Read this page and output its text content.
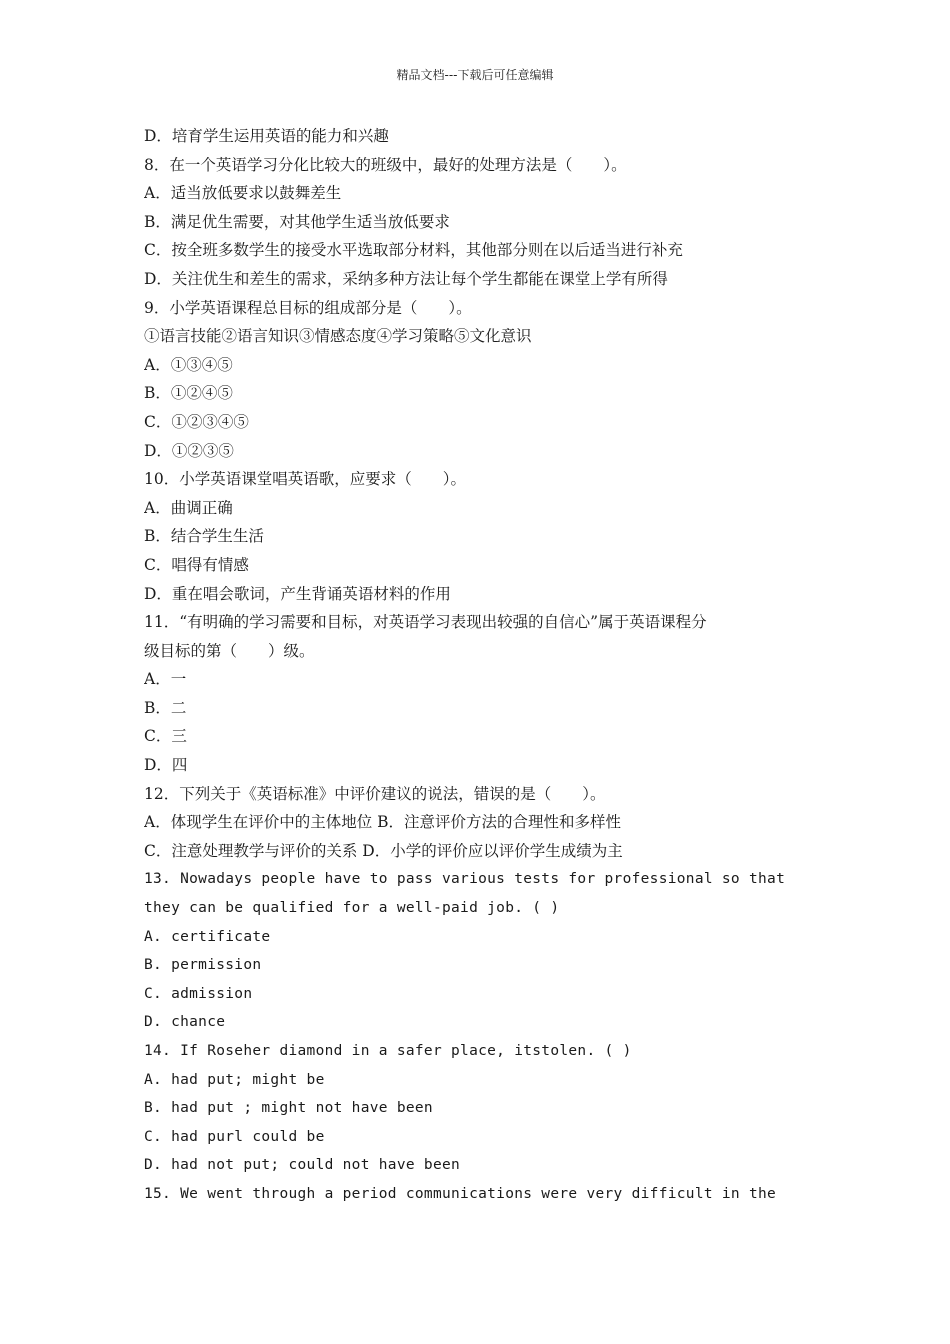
精品文档---下载后可任意编辑
D．培育学生运用英语的能力和兴趣
8．在一个英语学习分化比较大的班级中，最好的处理方法是（　　）。
A．适当放低要求以鼓舞差生
B．满足优生需要，对其他学生适当放低要求
C．按全班多数学生的接受水平选取部分材料，其他部分则在以后适当进行补充
D．关注优生和差生的需求，采纳多种方法让每个学生都能在课堂上学有所得
9．小学英语课程总目标的组成部分是（　　）。
①语言技能②语言知识③情感态度④学习策略⑤文化意识
A．①③④⑤
B．①②④⑤
C．①②③④⑤
D．①②③⑤
10．小学英语课堂唱英语歌，应要求（　　）。
A．曲调正确
B．结合学生生活
C．唱得有情感
D．重在唱会歌词，产生背诵英语材料的作用
11．“有明确的学习需要和目标，对英语学习表现出较强的自信心”属于英语课程分
级目标的第（　　）级。
A．一
B．二
C．三
D．四
12．下列关于《英语标准》中评价建议的说法，错误的是（　　）。
A．体现学生在评价中的主体地位 B．注意评价方法的合理性和多样性
C．注意处理教学与评价的关系 D．小学的评价应以评价学生成绩为主
13. Nowadays people have to pass various tests for professional so that
they can be qualified for a well-paid job. ( )
A. certificate
B. permission
C. admission
D. chance
14. If Roseher diamond in a safer place, itstolen. ( )
A. had put; might be
B. had put ; might not have been
C. had purl could be
D. had not put; could not have been
15. We went through a period communications were very difficult in the
